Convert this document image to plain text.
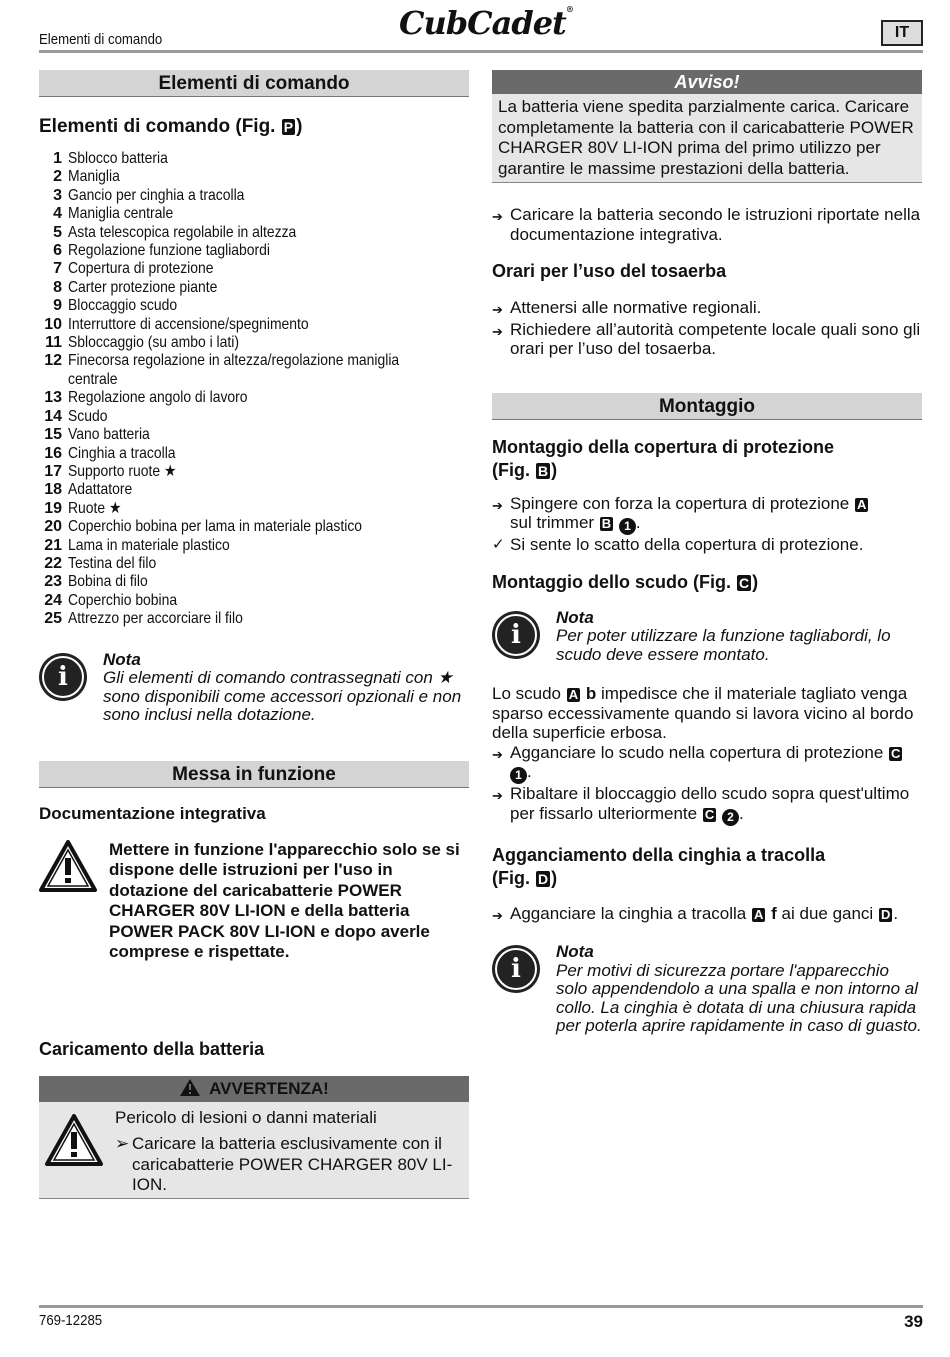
Elementi di comando	CubCadet®
IT
Elementi di comando
Elementi di comando (Fig. P )
1 Sblocco batteria
2 Maniglia
3 Gancio per cinghia a tracolla
4 Maniglia centrale
5 Asta telescopica regolabile in altezza
6 Regolazione funzione tagliabordi
7 Copertura di protezione
8 Carter protezione piante
9 Bloccaggio scudo
10 Interruttore di accensione/spegnimento
11 Sbloccaggio (su ambo i lati)
12 Finecorsa regolazione in altezza/regolazione maniglia centrale
13 Regolazione angolo di lavoro
14 Scudo
15 Vano batteria
16 Cinghia a tracolla
17 Supporto ruote ★
18 Adattatore
19 Ruote ★
20 Coperchio bobina per lama in materiale plastico
21 Lama in materiale plastico
22 Testina del filo
23 Bobina di filo
24 Coperchio bobina
25 Attrezzo per accorciare il filo
i
Nota
Gli elementi di comando contrassegnati con ★ sono disponibili come accessori opzionali e non sono inclusi nella dotazione.
Messa in funzione
Documentazione integrativa
Mettere in funzione l'apparecchio solo se si dispone delle istruzioni per l'uso in dotazione del caricabatterie POWER CHARGER 80V LI-ION e della batteria POWER PACK 80V LI-ION e dopo averle comprese e rispettate.
Caricamento della batteria
AVVERTENZA!
Pericolo di lesioni o danni materiali
➢ Caricare la batteria esclusivamente con il caricabatterie POWER CHARGER 80V LI-ION.
Avviso!
La batteria viene spedita parzialmente carica. Caricare completamente la batteria con il caricabatterie POWER CHARGER 80V LI-ION prima del primo utilizzo per garantire le massime prestazioni della batteria.
➔ Caricare la batteria secondo le istruzioni riportate nella documentazione integrativa.
Orari per l’uso del tosaerba
➔ Attenersi alle normative regionali.
➔ Richiedere all’autorità competente locale quali sono gli orari per l’uso del tosaerba.
Montaggio
Montaggio della copertura di protezione
(Fig. B )
➔ Spingere con forza la copertura di protezione A
sul trimmer B 1 .
✓ Si sente lo scatto della copertura di protezione.
Montaggio dello scudo (Fig. C )
i
Nota
Per poter utilizzare la funzione tagliabordi, lo scudo deve essere montato.
Lo scudo A b impedisce che il materiale tagliato venga sparso eccessivamente quando si lavora vicino al bordo della superficie erbosa.
➔ Agganciare lo scudo nella copertura di protezione C 1 .
➔ Ribaltare il bloccaggio dello scudo sopra quest'ultimo per fissarlo ulteriormente C 2 .
Agganciamento della cinghia a tracolla
(Fig. D )
➔ Agganciare la cinghia a tracolla A f ai due ganci D .
i
Nota
Per motivi di sicurezza portare l'apparecchio solo appendendolo a una spalla e non intorno al collo. La cinghia è dotata di una chiusura rapida per poterla aprire rapidamente in caso di guasto.
769-12285	39
